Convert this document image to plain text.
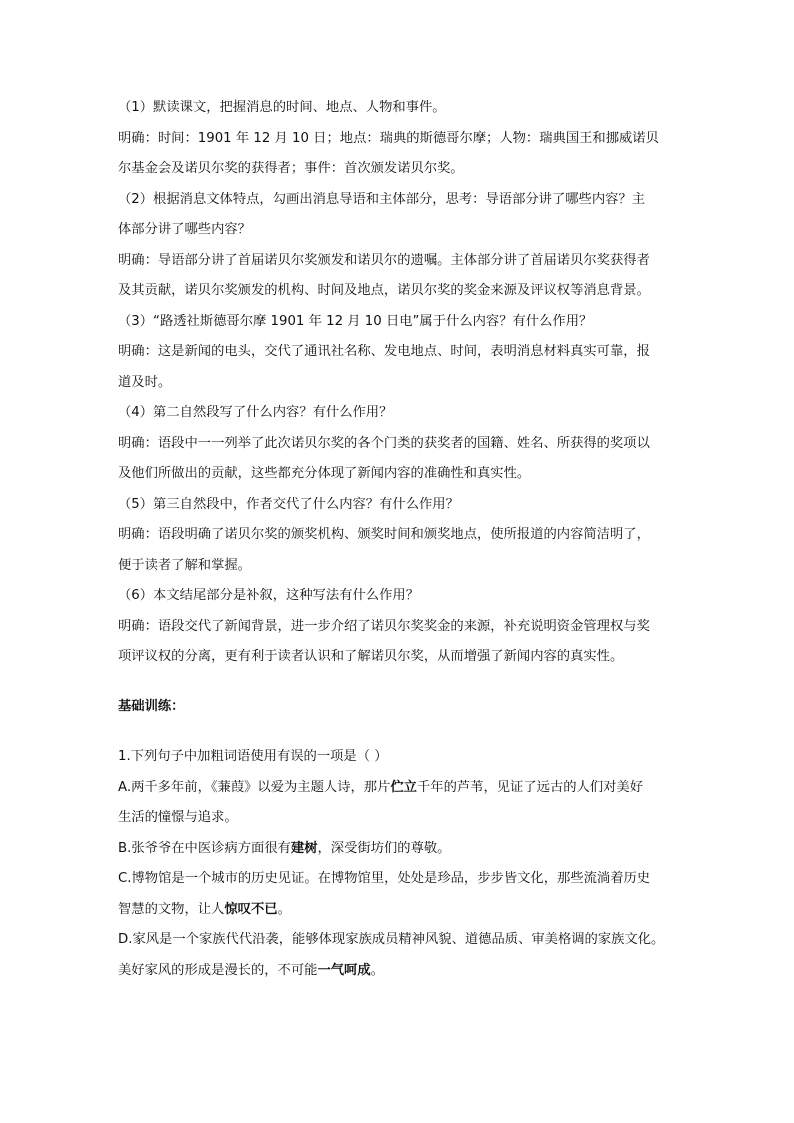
（1）默读课文，把握消息的时间、地点、人物和事件。

明确：时间：1901 年 12 月 10 日；地点：瑞典的斯德哥尔摩；人物：瑞典国王和挪威诺贝

尔基金会及诺贝尔奖的获得者；事件：首次颁发诺贝尔奖。

（2）根据消息文体特点，勾画出消息导语和主体部分，思考：导语部分讲了哪些内容？主

体部分讲了哪些内容？

明确：导语部分讲了首届诺贝尔奖颁发和诺贝尔的遗嘱。主体部分讲了首届诺贝尔奖获得者

及其贡献，诺贝尔奖颁发的机构、时间及地点，诺贝尔奖的奖金来源及评议权等消息背景。

（3）“路透社斯德哥尔摩 1901 年 12 月 10 日电”属于什么内容？有什么作用？

明确：这是新闻的电头，交代了通讯社名称、发电地点、时间，表明消息材料真实可靠，报

道及时。

（4）第二自然段写了什么内容？有什么作用？

明确：语段中一一列举了此次诺贝尔奖的各个门类的获奖者的国籍、姓名、所获得的奖项以

及他们所做出的贡献，这些都充分体现了新闻内容的准确性和真实性。

（5）第三自然段中，作者交代了什么内容？有什么作用？

明确：语段明确了诺贝尔奖的颁奖机构、颁奖时间和颁奖地点，使所报道的内容简洁明了，

便于读者了解和掌握。

（6）本文结尾部分是补叙，这种写法有什么作用？

明确：语段交代了新闻背景，进一步介绍了诺贝尔奖奖金的来源，补充说明资金管理权与奖

项评议权的分离，更有利于读者认识和了解诺贝尔奖，从而增强了新闻内容的真实性。

基础训练：

1.下列句子中加粗词语使用有误的一项是（ ）

A.两千多年前，《蒹葭》以爱为主题人诗，那片伫立千年的芦苇，见证了远古的人们对美好

生活的憧憬与追求。

B.张爷爷在中医诊病方面很有建树，深受街坊们的尊敬。

C.博物馆是一个城市的历史见证。在博物馆里，处处是珍品，步步皆文化，那些流淌着历史

智慧的文物，让人惊叹不已。

D.家风是一个家族代代沿袭，能够体现家族成员精神风貌、道德品质、审美格调的家族文化。

美好家风的形成是漫长的，不可能一气呵成。
